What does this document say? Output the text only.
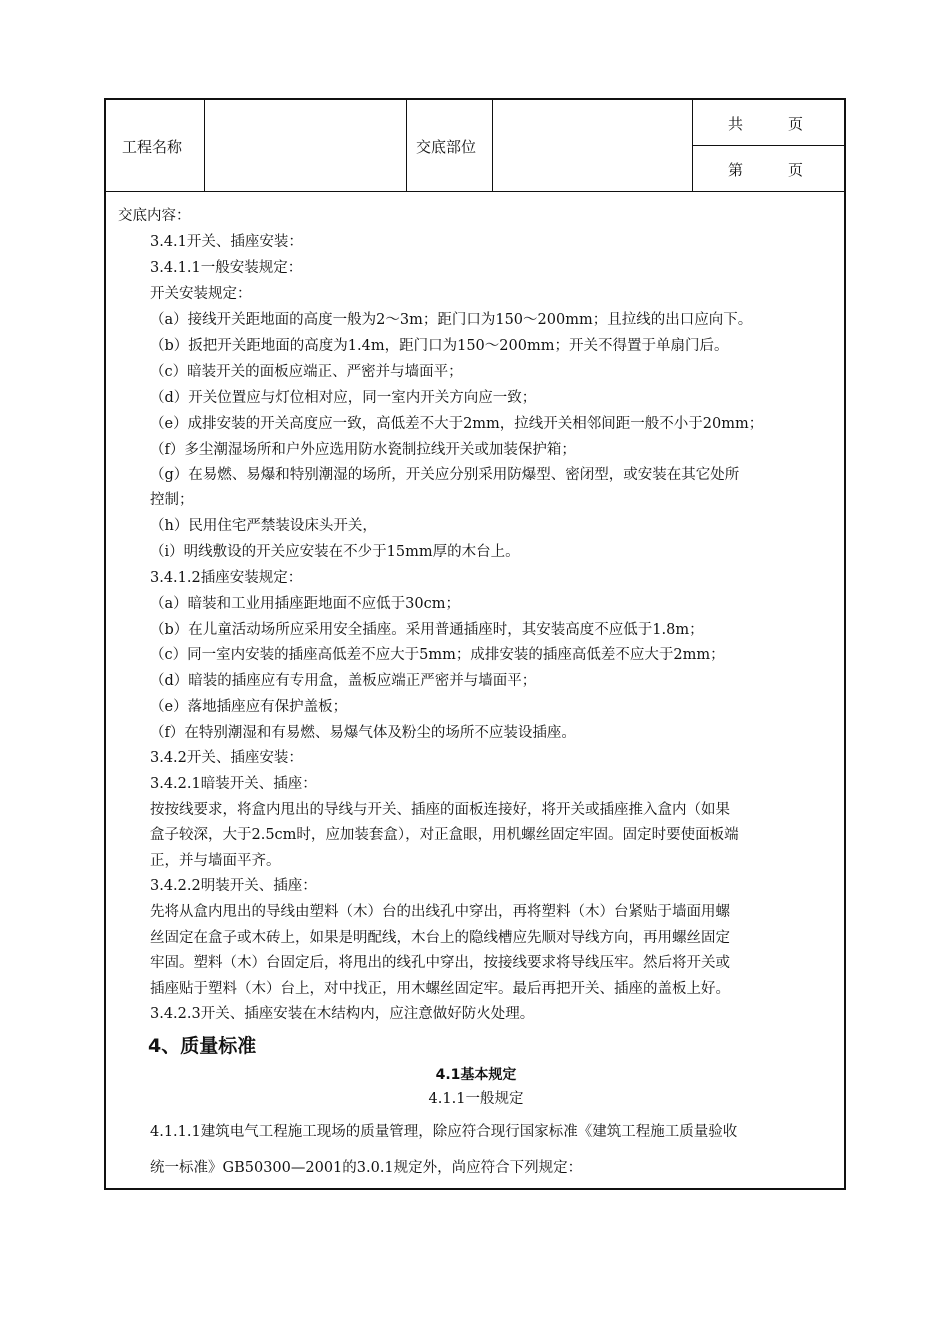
工程名称	交底部位
共　　　页
第　　　页
交底内容：
3.4.1开关、插座安装：
3.4.1.1一般安装规定：
开关安装规定：
（a）接线开关距地面的高度一般为2～3m；距门口为150～200mm；且拉线的出口应向下。
（b）扳把开关距地面的高度为1.4m，距门口为150～200mm；开关不得置于单扇门后。
（c）暗装开关的面板应端正、严密并与墙面平；
（d）开关位置应与灯位相对应，同一室内开关方向应一致；
（e）成排安装的开关高度应一致，高低差不大于2mm，拉线开关相邻间距一般不小于20mm；
（f）多尘潮湿场所和户外应选用防水瓷制拉线开关或加装保护箱；
（g）在易燃、易爆和特别潮湿的场所，开关应分别采用防爆型、密闭型，或安装在其它处所
控制；
（h）民用住宅严禁装设床头开关，
（i）明线敷设的开关应安装在不少于15mm厚的木台上。
3.4.1.2插座安装规定：
（a）暗装和工业用插座距地面不应低于30cm；
（b）在儿童活动场所应采用安全插座。采用普通插座时，其安装高度不应低于1.8m；
（c）同一室内安装的插座高低差不应大于5mm；成排安装的插座高低差不应大于2mm；
（d）暗装的插座应有专用盒，盖板应端正严密并与墙面平；
（e）落地插座应有保护盖板；
（f）在特别潮湿和有易燃、易爆气体及粉尘的场所不应装设插座。
3.4.2开关、插座安装：
3.4.2.1暗装开关、插座：
按按线要求，将盒内甩出的导线与开关、插座的面板连接好，将开关或插座推入盒内（如果
盒子较深，大于2.5cm时，应加装套盒），对正盒眼，用机螺丝固定牢固。固定时要使面板端
正，并与墙面平齐。
3.4.2.2明装开关、插座：
先将从盒内甩出的导线由塑料（木）台的出线孔中穿出，再将塑料（木）台紧贴于墙面用螺
丝固定在盒子或木砖上，如果是明配线，木台上的隐线槽应先顺对导线方向，再用螺丝固定
牢固。塑料（木）台固定后，将甩出的线孔中穿出，按接线要求将导线压牢。然后将开关或
插座贴于塑料（木）台上，对中找正，用木螺丝固定牢。最后再把开关、插座的盖板上好。
3.4.2.3开关、插座安装在木结构内，应注意做好防火处理。
4、质量标准
4.1基本规定
4.1.1一般规定
4.1.1.1建筑电气工程施工现场的质量管理，除应符合现行国家标准《建筑工程施工质量验收
统一标准》GB50300—2001的3.0.1规定外，尚应符合下列规定：
